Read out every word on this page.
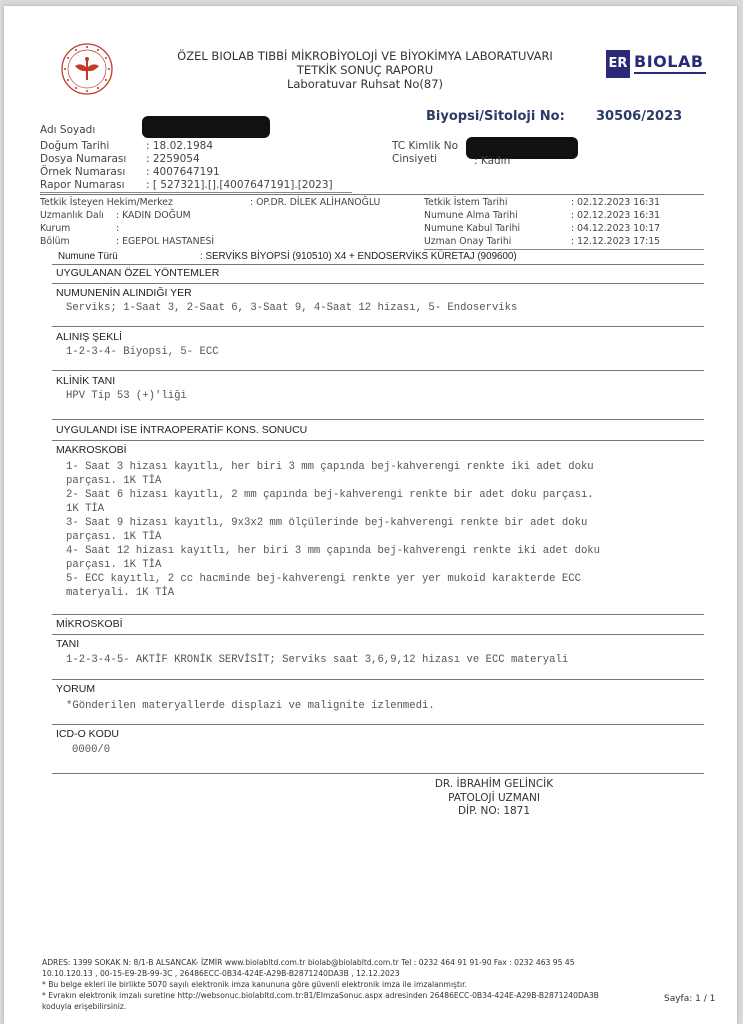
ÖZEL BIOLAB TIBBİ MİKROBİYOLOJİ VE BİYOKİMYA LABORATUVARI
TETKİK SONUÇ RAPORU
Laboratuvar Ruhsat No(87)
ER BIOLAB
Biyopsi/Sitoloji No: 30506/2023
Adı Soyadı
Doğum Tarihi	: 18.02.1984
Dosya Numarası : 2259054
Örnek Numarası : 4007647191
Rapor Numarası : [ 527321].[].[4007647191].[2023]
TC Kimlik No
Cinsiyeti	: Kadın
Tetkik İsteyen Hekim/Merkez	: OP.DR. DİLEK ALİHANOĞLU
Uzmanlık Dalı : KADIN DOĞUM
Kurum	:
Bölüm	: EGEPOL HASTANESİ
Tetkik İstem Tarihi	: 02.12.2023 16:31
Numune Alma Tarihi	: 02.12.2023 16:31
Numune Kabul Tarihi	: 04.12.2023 10:17
Uzman Onay Tarihi	: 12.12.2023 17:15
Numune Türü	: SERVİKS BİYOPSİ (910510) X4 + ENDOSERVİKS KÜRETAJ (909600)
UYGULANAN ÖZEL YÖNTEMLER
NUMUNENİN ALINDIĞI YER
Serviks; 1-Saat 3, 2-Saat 6, 3-Saat 9, 4-Saat 12 hizası, 5- Endoserviks
ALINIŞ ŞEKLİ
1-2-3-4- Biyopsi, 5- ECC
KLİNİK TANI
HPV Tip 53 (+)'liği
UYGULANDI İSE İNTRAOPERATİF KONS. SONUCU
MAKROSKOBİ
1- Saat 3 hizası kayıtlı, her biri 3 mm çapında bej-kahverengi renkte iki adet doku
parçası. 1K TİA
2- Saat 6 hizası kayıtlı, 2 mm çapında bej-kahverengi renkte bir adet doku parçası.
1K TİA
3- Saat 9 hizası kayıtlı, 9x3x2 mm ölçülerinde bej-kahverengi renkte bir adet doku
parçası. 1K TİA
4- Saat 12 hizası kayıtlı, her biri 3 mm çapında bej-kahverengi renkte iki adet doku
parçası. 1K TİA
5- ECC kayıtlı, 2 cc hacminde bej-kahverengi renkte yer yer mukoid karakterde ECC
materyali. 1K TİA
MİKROSKOBİ
TANI
1-2-3-4-5- AKTİF KRONİK SERVİSİT; Serviks saat 3,6,9,12 hizası ve ECC materyali
YORUM
*Gönderilen materyallerde displazi ve malignite izlenmedi.
ICD-O KODU
0000/0
DR. İBRAHİM GELİNCİK
PATOLOJİ UZMANI
DİP. NO: 1871
ADRES: 1399 SOKAK N: 8/1-B ALSANCAK- İZMİR www.biolabltd.com.tr biolab@biolabltd.com.tr Tel : 0232 464 91 91-90 Fax : 0232 463 95 45
10.10.120.13 , 00-15-E9-2B-99-3C , 26486ECC-0B34-424E-A29B-B2871240DA3B , 12.12.2023
* Bu belge ekleri ile birlikte 5070 sayılı elektronik imza kanununa göre güvenli elektronik imza ile imzalanmıştır.
* Evrakın elektronik imzalı suretine http://websonuc.biolabltd.com.tr:81/EImzaSonuc.aspx adresinden 26486ECC-0B34-424E-A29B-B2871240DA3B
koduyla erişebilirsiniz.
Sayfa: 1 / 1
